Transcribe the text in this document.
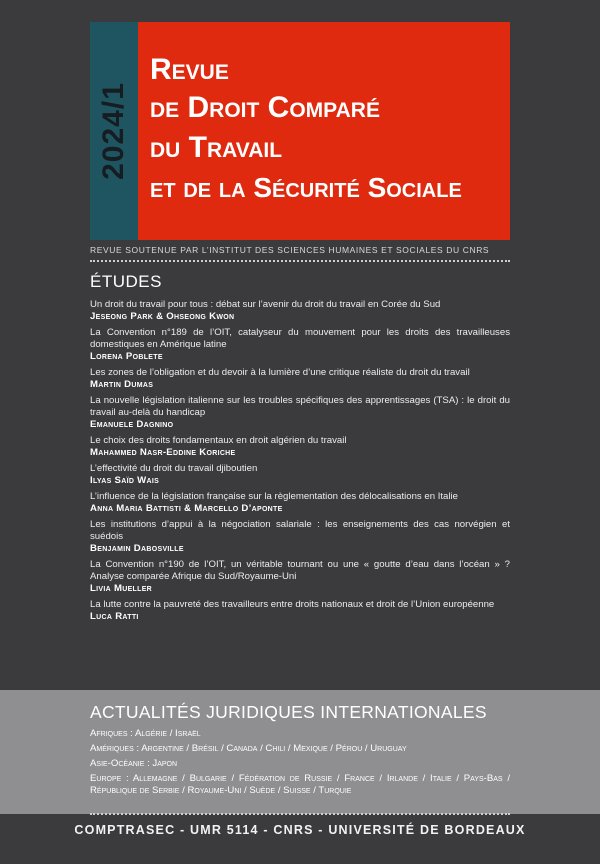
2024/1
Revue
de Droit Comparé
du Travail
et de la Sécurité Sociale
REVUE SOUTENUE PAR L’INSTITUT DES SCIENCES HUMAINES ET SOCIALES DU CNRS
ÉTUDES
Un droit du travail pour tous : débat sur l’avenir du droit du travail en Corée du Sud
Jeseong Park & Ohseong Kwon
La Convention n°189 de l’OIT, catalyseur du mouvement pour les droits des travailleuses domestiques en Amérique latine
Lorena Poblete
Les zones de l’obligation et du devoir à la lumière d’une critique réaliste du droit du travail
Martin Dumas
La nouvelle législation italienne sur les troubles spécifiques des apprentissages (TSA) : le droit du travail au-delà du handicap
Emanuele Dagnino
Le choix des droits fondamentaux en droit algérien du travail
Mahammed Nasr-Eddine Koriche
L’effectivité du droit du travail djiboutien
Ilyas Saïd Wais
L’influence de la législation française sur la règlementation des délocalisations en Italie
Anna Maria Battisti & Marcello D’aponte
Les institutions d’appui à la négociation salariale : les enseignements des cas norvégien et suédois
Benjamin Dabosville
La Convention n°190 de l’OIT, un véritable tournant ou une « goutte d’eau dans l’océan » ? Analyse comparée Afrique du Sud/Royaume-Uni
Livia Mueller
La lutte contre la pauvreté des travailleurs entre droits nationaux et droit de l’Union européenne
Luca Ratti
ACTUALITÉS JURIDIQUES INTERNATIONALES
Afriques : Algérie / Israël
Amériques : Argentine / Brésil / Canada / Chili / Mexique / Pérou / Uruguay
Asie-Océanie : Japon
Europe : Allemagne / Bulgarie / Fédération de Russie / France / Irlande / Italie / Pays-Bas / République de Serbie / Royaume-Uni / Suède / Suisse / Turquie
COMPTRASEC - UMR 5114 - CNRS - UNIVERSITÉ DE BORDEAUX
